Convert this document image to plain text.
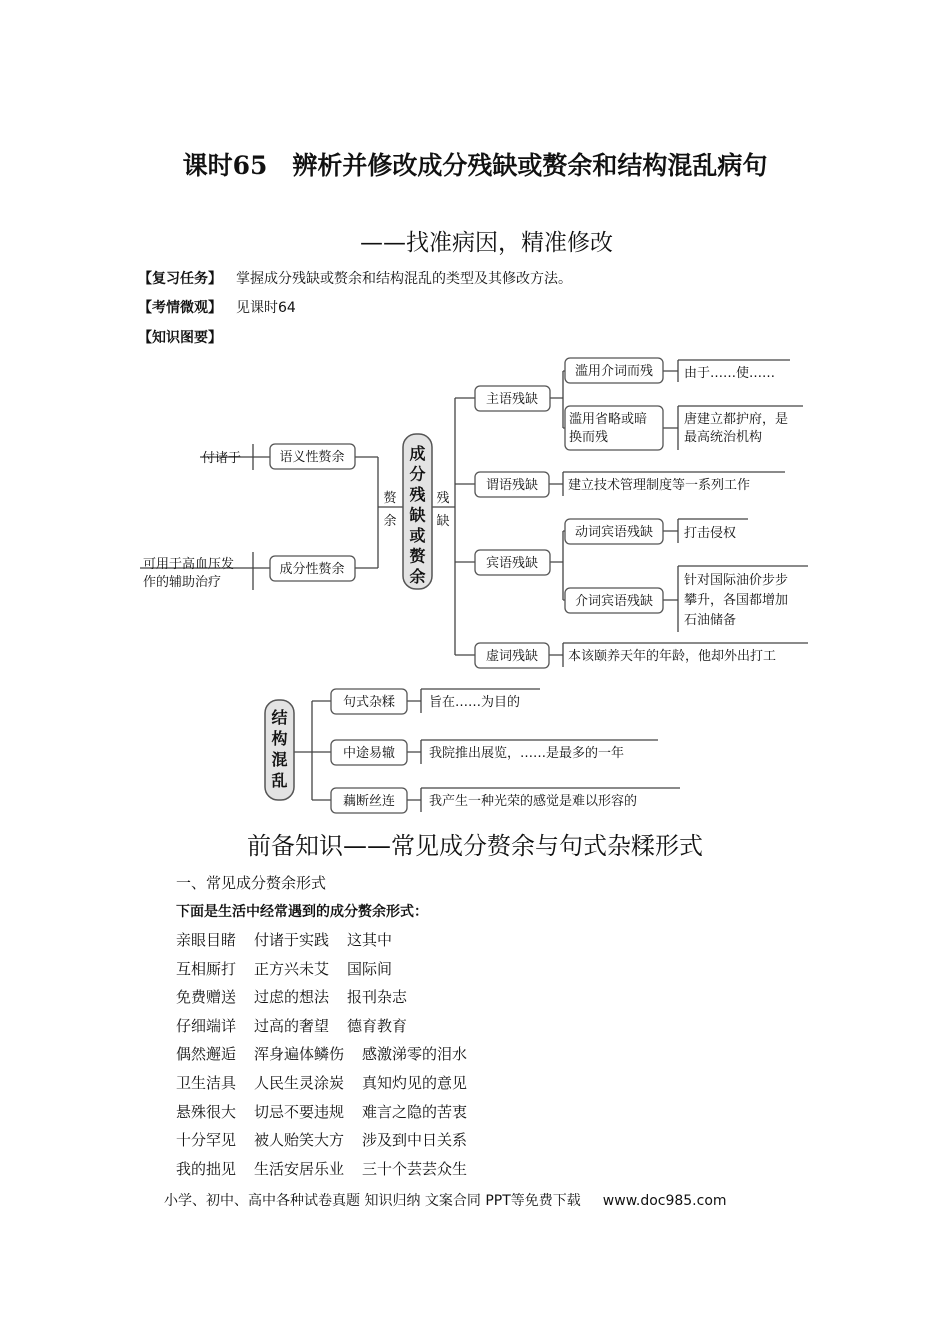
课时65　辨析并修改成分残缺或赘余和结构混乱病句
——找准病因，精准修改
【复习任务】 掌握成分残缺或赘余和结构混乱的类型及其修改方法。
【考情微观】 见课时64
【知识图要】
成
分
残
缺
或
赘
余
赘
余
残
缺
语义性赘余
付诸于
成分性赘余
可用于高血压发
作的辅助治疗
主语残缺
滥用介词而残 由于……使……
滥用省略或暗
换而残
唐建立都护府，是
最高统治机构
谓语残缺 建立技术管理制度等一系列工作
宾语残缺
动词宾语残缺 打击侵权
介词宾语残缺
针对国际油价步步
攀升，各国都增加
石油储备
虚词残缺 本该颐养天年的年龄，他却外出打工
结
构
混
乱
句式杂糅	旨在……为目的
中途易辙	我院推出展览，……是最多的一年
藕断丝连	我产生一种光荣的感觉是难以形容的
前备知识——常见成分赘余与句式杂糅形式
一、常见成分赘余形式
下面是生活中经常遇到的成分赘余形式：
亲眼目睹 付诸于实践 这其中
互相厮打 正方兴未艾 国际间
免费赠送 过虑的想法 报刊杂志
仔细端详 过高的奢望 德育教育
偶然邂逅 浑身遍体鳞伤 感激涕零的泪水
卫生洁具 人民生灵涂炭 真知灼见的意见
悬殊很大 切忌不要违规 难言之隐的苦衷
十分罕见 被人贻笑大方 涉及到中日关系
我的拙见 生活安居乐业 三十个芸芸众生
小学、初中、高中各种试卷真题 知识归纳 文案合同 PPT等免费下载 www.doc985.com
